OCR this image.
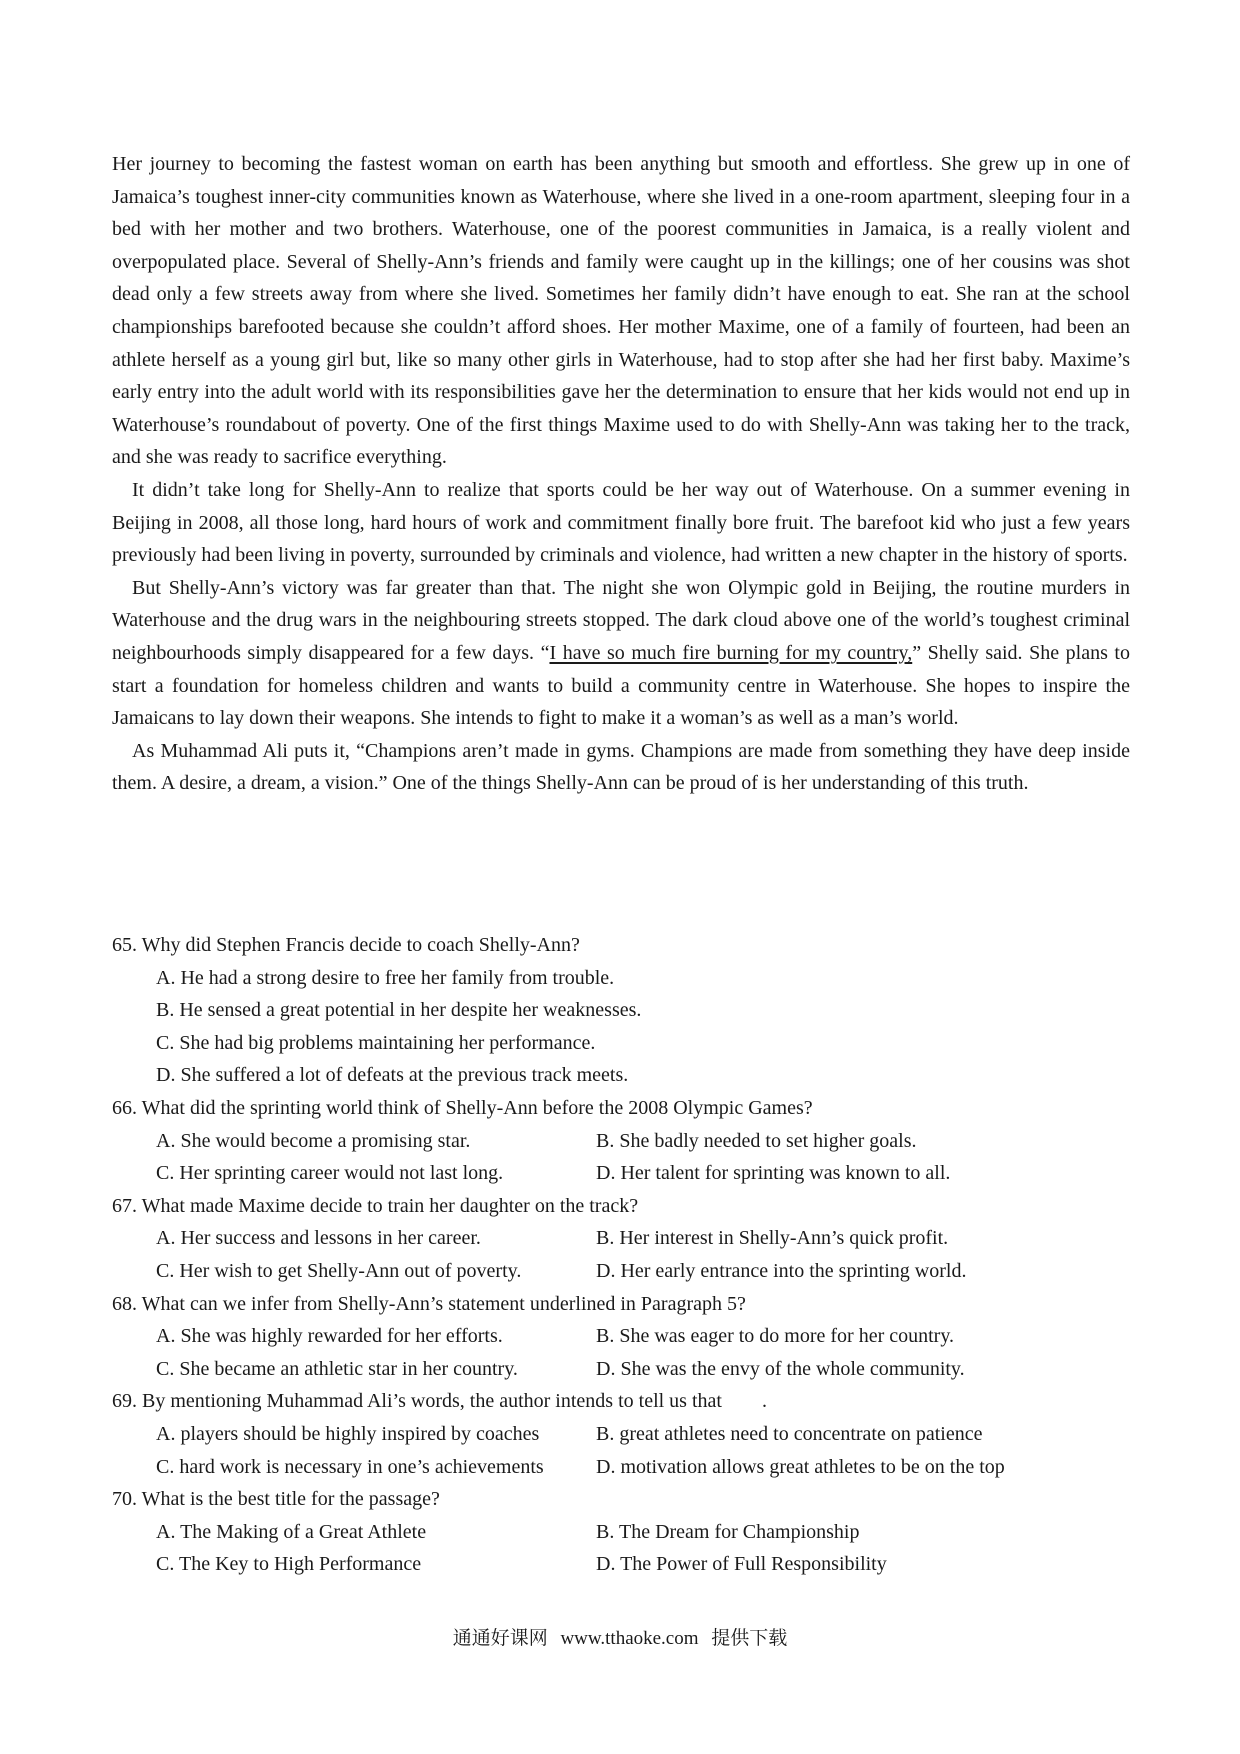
Her journey to becoming the fastest woman on earth has been anything but smooth and effortless. She grew up in one of Jamaica’s toughest inner-city communities known as Waterhouse, where she lived in a one-room apartment, sleeping four in a bed with her mother and two brothers. Waterhouse, one of the poorest communities in Jamaica, is a really violent and overpopulated place. Several of Shelly-Ann’s friends and family were caught up in the killings; one of her cousins was shot dead only a few streets away from where she lived. Sometimes her family didn’t have enough to eat. She ran at the school championships barefooted because she couldn’t afford shoes. Her mother Maxime, one of a family of fourteen, had been an athlete herself as a young girl but, like so many other girls in Waterhouse, had to stop after she had her first baby. Maxime’s early entry into the adult world with its responsibilities gave her the determination to ensure that her kids would not end up in Waterhouse’s roundabout of poverty. One of the first things Maxime used to do with Shelly-Ann was taking her to the track, and she was ready to sacrifice everything.

It didn’t take long for Shelly-Ann to realize that sports could be her way out of Waterhouse. On a summer evening in Beijing in 2008, all those long, hard hours of work and commitment finally bore fruit. The barefoot kid who just a few years previously had been living in poverty, surrounded by criminals and violence, had written a new chapter in the history of sports.

But Shelly-Ann’s victory was far greater than that. The night she won Olympic gold in Beijing, the routine murders in Waterhouse and the drug wars in the neighbouring streets stopped. The dark cloud above one of the world’s toughest criminal neighbourhoods simply disappeared for a few days. “I have so much fire burning for my country,” Shelly said. She plans to start a foundation for homeless children and wants to build a community centre in Waterhouse. She hopes to inspire the Jamaicans to lay down their weapons. She intends to fight to make it a woman’s as well as a man’s world.

As Muhammad Ali puts it, “Champions aren’t made in gyms. Champions are made from something they have deep inside them. A desire, a dream, a vision.” One of the things Shelly-Ann can be proud of is her understanding of this truth.

65. Why did Stephen Francis decide to coach Shelly-Ann?
A. He had a strong desire to free her family from trouble.
B. He sensed a great potential in her despite her weaknesses.
C. She had big problems maintaining her performance.
D. She suffered a lot of defeats at the previous track meets.
66. What did the sprinting world think of Shelly-Ann before the 2008 Olympic Games?
A. She would become a promising star.	B. She badly needed to set higher goals.
C. Her sprinting career would not last long.	D. Her talent for sprinting was known to all.
67. What made Maxime decide to train her daughter on the track?
A. Her success and lessons in her career.	B. Her interest in Shelly-Ann’s quick profit.
C. Her wish to get Shelly-Ann out of poverty.	D. Her early entrance into the sprinting world.
68. What can we infer from Shelly-Ann’s statement underlined in Paragraph 5?
A. She was highly rewarded for her efforts.	B. She was eager to do more for her country.
C. She became an athletic star in her country.	D. She was the envy of the whole community.
69. By mentioning Muhammad Ali’s words, the author intends to tell us that .
A. players should be highly inspired by coaches	B. great athletes need to concentrate on patience
C. hard work is necessary in one’s achievements	D. motivation allows great athletes to be on the top
70. What is the best title for the passage?
A. The Making of a Great Athlete	B. The Dream for Championship
C. The Key to High Performance	D. The Power of Full Responsibility
通通好课网 www.tthaoke.com 提供下载
